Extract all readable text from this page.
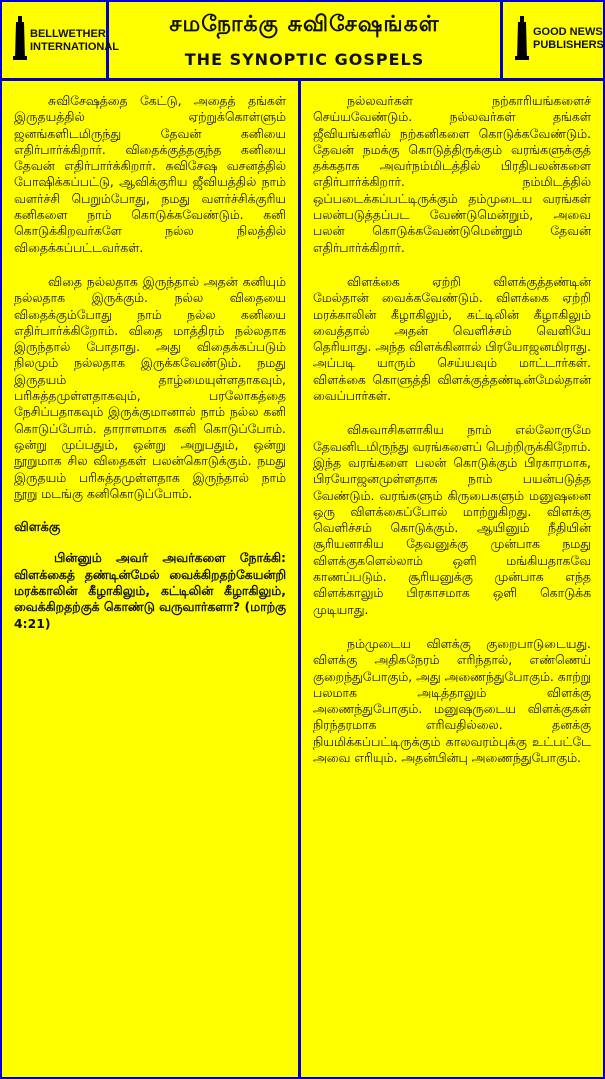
BELLWETHER
INTERNATIONAL
சமநோக்கு சுவிசேஷங்கள்
THE SYNOPTIC GOSPELS
GOOD NEWS
PUBLISHERS

சுவிசேஷத்தை கேட்டு, அதைத் தங்கள் இருதயத்தில் ஏற்றுக்கொள்ளும் ஜனங்களிடமிருந்து தேவன் கனியை எதிர்பார்க்கிறார். விதைக்குத்தகுந்த கனியை தேவன் எதிர்பார்க்கிறார். சுவிசேஷ வசனத்தில் போஷிக்கப்பட்டு, ஆவிக்குரிய ஜீவியத்தில் நாம் வளர்ச்சி பெறும்போது, நமது வளர்ச்சிக்குரிய கனிகளை நாம் கொடுக்கவேண்டும். கனி கொடுக்கிறவர்களே நல்ல நிலத்தில் விதைக்கப்பட்டவர்கள்.

விதை நல்லதாக இருந்தால் அதன் கனியும் நல்லதாக இருக்கும். நல்ல விதையை விதைக்கும்போது நாம் நல்ல கனியை எதிர்பார்க்கிறோம். விதை மாத்திரம் நல்லதாக இருந்தால் போதாது. அது விதைக்கப்படும் நிலமும் நல்லதாக இருக்கவேண்டும். நமது இருதயம் தாழ்மையுள்ளதாகவும், பரிசுத்தமுள்ளதாகவும், பரலோகத்தை நேசிப்பதாகவும் இருக்குமானால் நாம் நல்ல கனி கொடுப்போம். தாராளமாக கனி கொடுப்போம். ஒன்று முப்பதும், ஒன்று அறுபதும், ஒன்று நூறுமாக சில விதைகள் பலன்கொடுக்கும். நமது இருதயம் பரிசுத்தமுள்ளதாக இருந்தால் நாம் நூறு மடங்கு கனிகொடுப்போம்.

விளக்கு

பின்னும் அவர் அவர்களை நோக்கி: விளக்கைத் தண்டின்மேல் வைக்கிறதற்கேயன்றி மரக்காலின் கீழாகிலும், கட்டிலின் கீழாகிலும், வைக்கிறதற்குக் கொண்டு வருவார்களா? (மாற்கு 4:21)

நல்லவர்கள் நற்காரியங்களைச் செய்யவேண்டும். நல்லவர்கள் தங்கள் ஜீவியங்களில் நற்கனிகளை கொடுக்கவேண்டும். தேவன் நமக்கு கொடுத்திருக்கும் வரங்களுக்குத் தக்கதாக அவர்நம்மிடத்தில் பிரதிபலன்களை எதிர்பார்க்கிறார். நம்மிடத்தில் ஒப்படைக்கப்பட்டிருக்கும் தம்முடைய வரங்கள் பலன்படுத்தப்பட வேண்டுமென்றும், அவை பலன் கொடுக்கவேண்டுமென்றும் தேவன் எதிர்பார்க்கிறார்.

விளக்கை ஏற்றி விளக்குத்தண்டின் மேல்தான் வைக்கவேண்டும். விளக்கை ஏற்றி மரக்காலின் கீழாகிலும், கட்டிலின் கீழாகிலும் வைத்தால் அதன் வெளிச்சம் வெளியே தெரியாது. அந்த விளக்கினால் பிரயோஜனமிராது. அப்படி யாரும் செய்யவும் மாட்டார்கள். விளக்கை கொளுத்தி விளக்குத்தண்டின்மேல்தான் வைப்பார்கள்.

விசுவாசிகளாகிய நாம் எல்லோருமே தேவனிடமிருந்து வரங்களைப் பெற்றிருக்கிறோம். இந்த வரங்களை பலன் கொடுக்கும் பிரகாரமாக, பிரயோஜனமுள்ளதாக நாம் பயன்படுத்த வேண்டும். வரங்களும் கிருபைகளும் மனுஷனை ஒரு விளக்கைப்போல் மாற்றுகிறது. விளக்கு வெளிச்சம் கொடுக்கும். ஆயினும் நீதியின் சூரியனாகிய தேவனுக்கு முன்பாக நமது விளக்குகளெல்லாம் ஒளி மங்கியதாகவே காணப்படும். சூரியனுக்கு முன்பாக எந்த விளக்காலும் பிரகாசமாக ஒளி கொடுக்க முடியாது.

நம்முடைய விளக்கு குறைபாடுடையது. விளக்கு அதிகநேரம் எரிந்தால், எண்ணெய் குறைந்துபோகும், அது அணைந்துபோகும். காற்று பலமாக அடித்தாலும் விளக்கு அணைந்துபோகும். மனுஷருடைய விளக்குகள் நிரந்தரமாக எரிவதில்லை. தனக்கு நியமிக்கப்பட்டிருக்கும் காலவரம்புக்கு உட்பட்டே அவை எரியும். அதன்பின்பு அணைந்துபோகும்.
